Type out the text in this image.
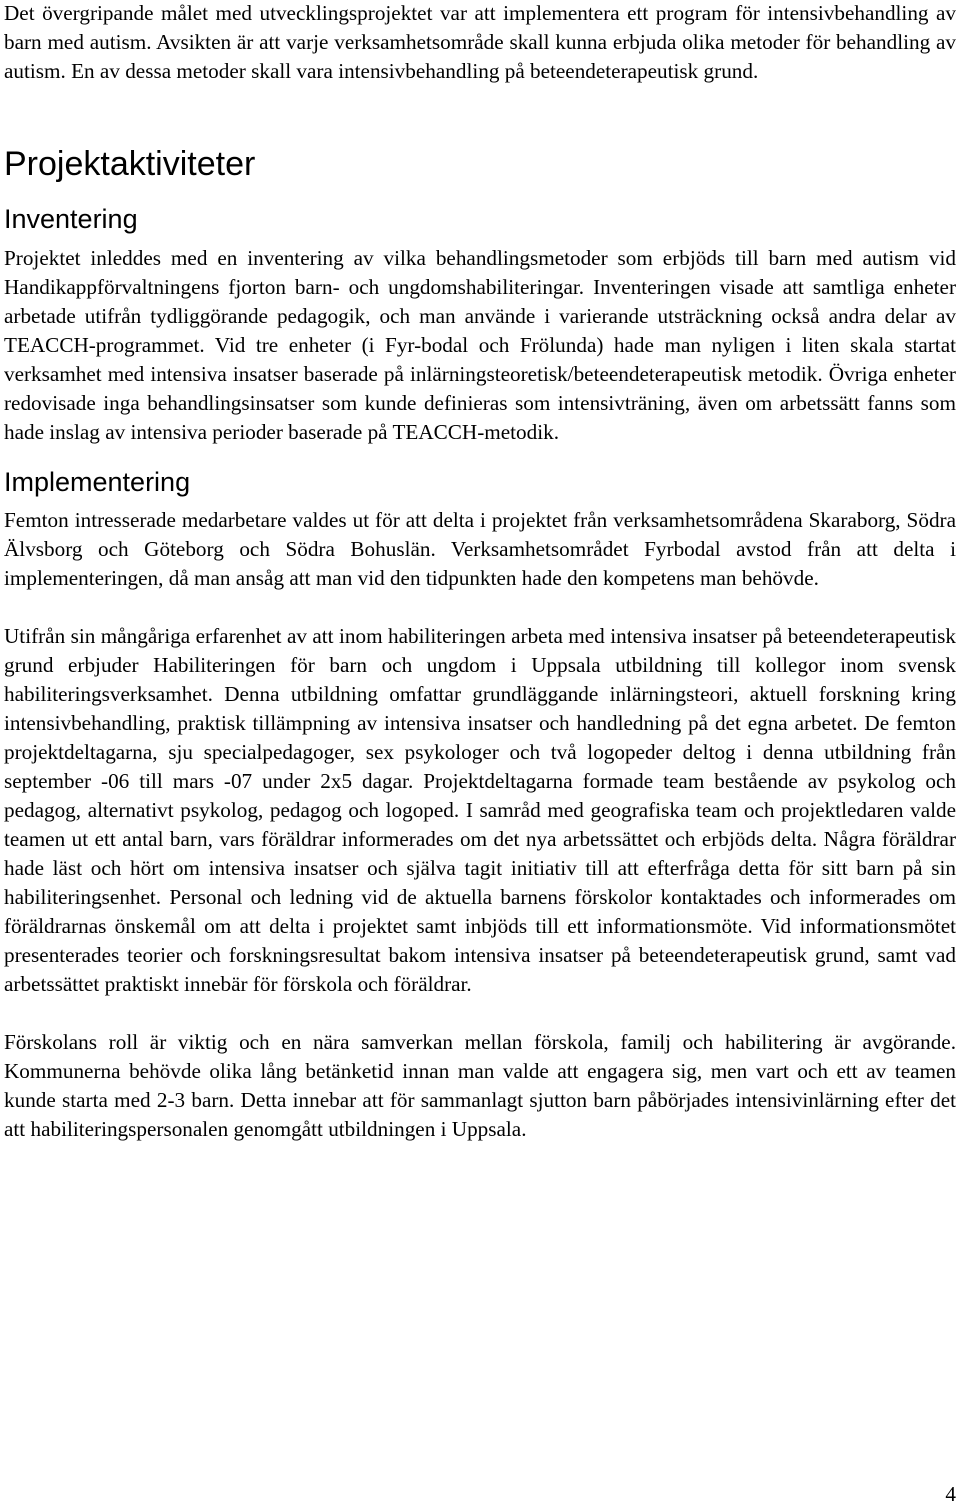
Det övergripande målet med utvecklingsprojektet var att implementera ett program för intensivbehandling av barn med autism. Avsikten är att varje verksamhetsområde skall kunna erbjuda olika metoder för behandling av autism. En av dessa metoder skall vara intensivbehandling på beteendeterapeutisk grund.

Projektaktiviteter
Inventering

Projektet inleddes med en inventering av vilka behandlingsmetoder som erbjöds till barn med autism vid Handikappförvaltningens fjorton barn- och ungdomshabiliteringar. Inventeringen visade att samtliga enheter arbetade utifrån tydliggörande pedagogik, och man använde i varierande utsträckning också andra delar av TEACCH-programmet. Vid tre enheter (i Fyr-bodal och Frölunda) hade man nyligen i liten skala startat verksamhet med intensiva insatser baserade på inlärningsteoretisk/beteendeterapeutisk metodik. Övriga enheter redovisade inga behandlingsinsatser som kunde definieras som intensivträning, även om arbetssätt fanns som hade inslag av intensiva perioder baserade på TEACCH-metodik.

Implementering

Femton intresserade medarbetare valdes ut för att delta i projektet från verksamhetsområdena Skaraborg, Södra Älvsborg och Göteborg och Södra Bohuslän. Verksamhetsområdet Fyrbodal avstod från att delta i implementeringen, då man ansåg att man vid den tidpunkten hade den kompetens man behövde.

Utifrån sin mångåriga erfarenhet av att inom habiliteringen arbeta med intensiva insatser på beteendeterapeutisk grund erbjuder Habiliteringen för barn och ungdom i Uppsala utbildning till kollegor inom svensk habiliteringsverksamhet. Denna utbildning omfattar grundläggande inlärningsteori, aktuell forskning kring intensivbehandling, praktisk tillämpning av intensiva insatser och handledning på det egna arbetet. De femton projektdeltagarna, sju specialpedagoger, sex psykologer och två logopeder deltog i denna utbildning från september -06 till mars -07 under 2x5 dagar. Projektdeltagarna formade team bestående av psykolog och pedagog, alternativt psykolog, pedagog och logoped. I samråd med geografiska team och projektledaren valde teamen ut ett antal barn, vars föräldrar informerades om det nya arbetssättet och erbjöds delta. Några föräldrar hade läst och hört om intensiva insatser och själva tagit initiativ till att efterfråga detta för sitt barn på sin habiliteringsenhet. Personal och ledning vid de aktuella barnens förskolor kontaktades och informerades om föräldrarnas önskemål om att delta i projektet samt inbjöds till ett informationsmöte. Vid informationsmötet presenterades teorier och forskningsresultat bakom intensiva insatser på beteendeterapeutisk grund, samt vad arbetssättet praktiskt innebär för förskola och föräldrar.

Förskolans roll är viktig och en nära samverkan mellan förskola, familj och habilitering är avgörande. Kommunerna behövde olika lång betänketid innan man valde att engagera sig, men vart och ett av teamen kunde starta med 2-3 barn. Detta innebar att för sammanlagt sjutton barn påbörjades intensivinlärning efter det att habiliteringspersonalen genomgått utbildningen i Uppsala.

4
